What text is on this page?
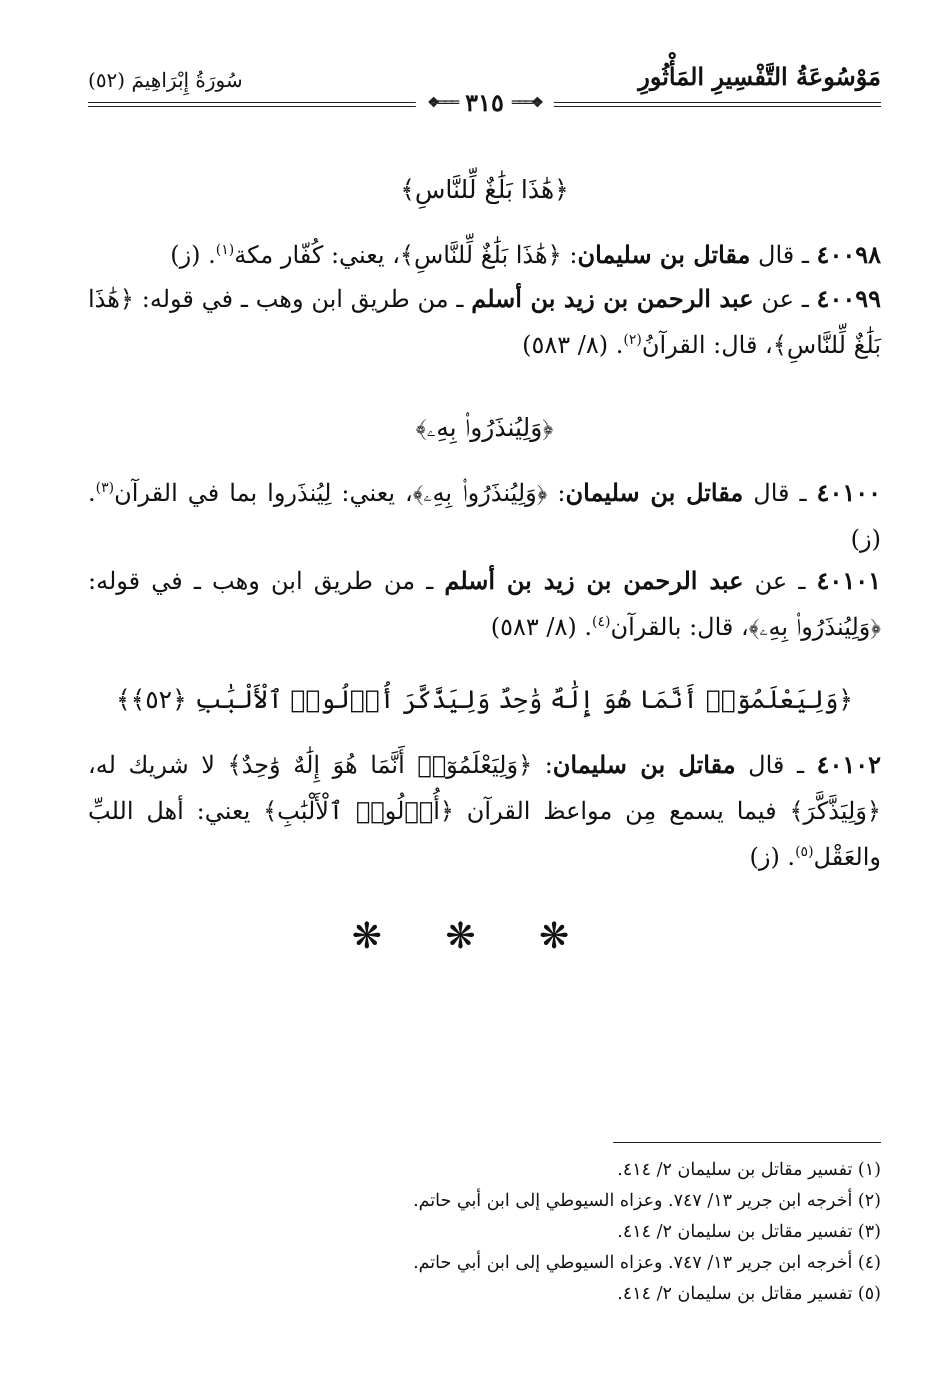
مَوْسُوعَةُ التَّفْسِيرِ المَأْثُورِ
سُورَةُ إِبْرَاهِيمَ (٥٢)
❖═══ ٣١٥ ═══❖
﴿هَٰذَا بَلَٰغٌ لِّلنَّاسِ﴾
٤٠٠٩٨ ـ قال مقاتل بن سليمان: ﴿هَٰذَا بَلَٰغٌ لِّلنَّاسِ﴾، يعني: كُفّار مكة$^{(١)}$. (ز)
٤٠٠٩٩ ـ عن عبد الرحمن بن زيد بن أسلم ـ من طريق ابن وهب ـ في قوله: ﴿هَٰذَا بَلَٰغٌ لِّلنَّاسِ﴾، قال: القرآنُ$^{(٢)}$. (٨/ ٥٨٣)
﴿وَلِيُنذَرُوا۟ بِهِۦ﴾
٤٠١٠٠ ـ قال مقاتل بن سليمان: ﴿وَلِيُنذَرُوا۟ بِهِۦ﴾، يعني: لِيُنذَروا بما في القرآن$^{(٣)}$. (ز)
٤٠١٠١ ـ عن عبد الرحمن بن زيد بن أسلم ـ من طريق ابن وهب ـ في قوله: ﴿وَلِيُنذَرُوا۟ بِهِۦ﴾، قال: بالقرآن$^{(٤)}$. (٨/ ٥٨٣)
﴿وَلِيَعْلَمُوٓا۟ أَنَّمَا هُوَ إِلَٰهٌ وَٰحِدٌ وَلِيَذَّكَّرَ أُو۟لُوا۟ ٱلْأَلْبَٰبِ ﴿٥٢﴾﴾
٤٠١٠٢ ـ قال مقاتل بن سليمان: ﴿وَلِيَعْلَمُوٓا۟ أَنَّمَا هُوَ إِلَٰهٌ وَٰحِدٌ﴾ لا شريك له، ﴿وَلِيَذَّكَّرَ﴾ فيما يسمع مِن مواعظ القرآن ﴿أُو۟لُوا۟ ٱلْأَلْبَٰبِ﴾ يعني: أهل اللبِّ والعَقْل$^{(٥)}$. (ز)
❋ ❋ ❋
(١) تفسير مقاتل بن سليمان ٢/ ٤١٤.
(٢) أخرجه ابن جرير ١٣/ ٧٤٧. وعزاه السيوطي إلى ابن أبي حاتم.
(٣) تفسير مقاتل بن سليمان ٢/ ٤١٤.
(٤) أخرجه ابن جرير ١٣/ ٧٤٧. وعزاه السيوطي إلى ابن أبي حاتم.
(٥) تفسير مقاتل بن سليمان ٢/ ٤١٤.
